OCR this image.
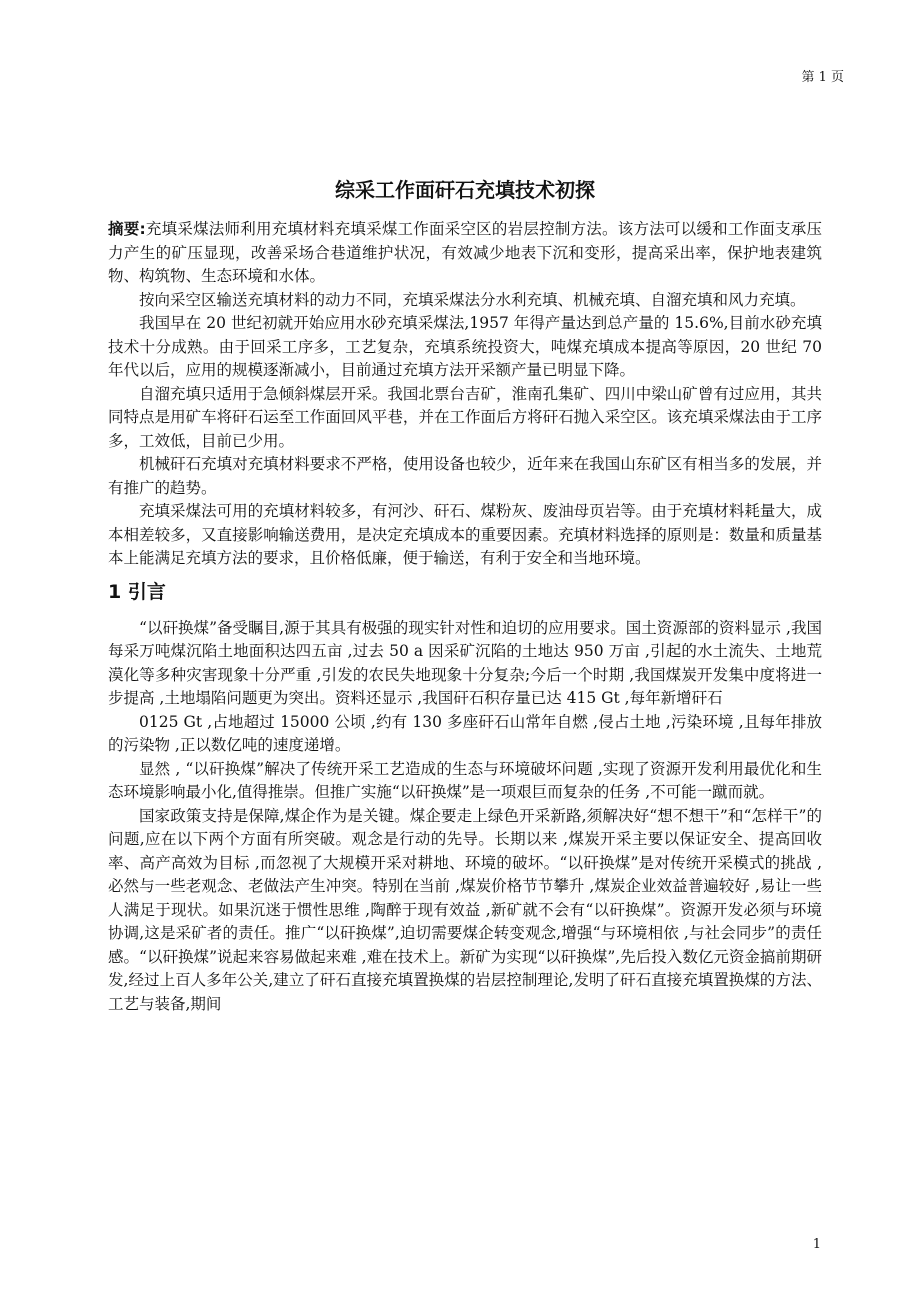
第 1 页
综采工作面矸石充填技术初探

摘要:充填采煤法师利用充填材料充填采煤工作面采空区的岩层控制方法。该方法可以缓和工作面支承压力产生的矿压显现，改善采场合巷道维护状况，有效减少地表下沉和变形，提高采出率，保护地表建筑物、构筑物、生态环境和水体。

按向采空区输送充填材料的动力不同，充填采煤法分水利充填、机械充填、自溜充填和风力充填。

我国早在 20 世纪初就开始应用水砂充填采煤法,1957 年得产量达到总产量的 15.6%,目前水砂充填技术十分成熟。由于回采工序多，工艺复杂，充填系统投资大，吨煤充填成本提高等原因，20 世纪 70 年代以后，应用的规模逐渐减小，目前通过充填方法开采额产量已明显下降。

自溜充填只适用于急倾斜煤层开采。我国北票台吉矿，淮南孔集矿、四川中梁山矿曾有过应用，其共同特点是用矿车将矸石运至工作面回风平巷，并在工作面后方将矸石抛入采空区。该充填采煤法由于工序多，工效低，目前已少用。

机械矸石充填对充填材料要求不严格，使用设备也较少，近年来在我国山东矿区有相当多的发展，并有推广的趋势。

充填采煤法可用的充填材料较多，有河沙、矸石、煤粉灰、废油母页岩等。由于充填材料耗量大，成本相差较多，又直接影响输送费用，是决定充填成本的重要因素。充填材料选择的原则是：数量和质量基本上能满足充填方法的要求，且价格低廉，便于输送，有利于安全和当地环境。

1 引言

“以矸换煤”备受瞩目,源于其具有极强的现实针对性和迫切的应用要求。国土资源部的资料显示 ,我国每采万吨煤沉陷土地面积达四五亩 ,过去 50 a 因采矿沉陷的土地达 950 万亩 ,引起的水土流失、土地荒漠化等多种灾害现象十分严重 ,引发的农民失地现象十分复杂;今后一个时期 ,我国煤炭开发集中度将进一步提高 ,土地塌陷问题更为突出。资料还显示 ,我国矸石积存量已达 415 Gt ,每年新增矸石

0125 Gt ,占地超过 15000 公顷 ,约有 130 多座矸石山常年自燃 ,侵占土地 ,污染环境 ,且每年排放的污染物 ,正以数亿吨的速度递增。

显然 , “以矸换煤”解决了传统开采工艺造成的生态与环境破坏问题 ,实现了资源开发利用最优化和生态环境影响最小化,值得推崇。但推广实施“以矸换煤”是一项艰巨而复杂的任务 ,不可能一蹴而就。

国家政策支持是保障,煤企作为是关键。煤企要走上绿色开采新路,须解决好“想不想干”和“怎样干”的问题,应在以下两个方面有所突破。观念是行动的先导。长期以来 ,煤炭开采主要以保证安全、提高回收率、高产高效为目标 ,而忽视了大规模开采对耕地、环境的破坏。“以矸换煤”是对传统开采模式的挑战 ,必然与一些老观念、老做法产生冲突。特别在当前 ,煤炭价格节节攀升 ,煤炭企业效益普遍较好 ,易让一些人满足于现状。如果沉迷于惯性思维 ,陶醉于现有效益 ,新矿就不会有“以矸换煤”。资源开发必须与环境协调,这是采矿者的责任。推广“以矸换煤”,迫切需要煤企转变观念,增强“与环境相依 ,与社会同步”的责任感。“以矸换煤”说起来容易做起来难 ,难在技术上。新矿为实现“以矸换煤”,先后投入数亿元资金搞前期研发,经过上百人多年公关,建立了矸石直接充填置换煤的岩层控制理论,发明了矸石直接充填置换煤的方法、工艺与装备,期间

1
